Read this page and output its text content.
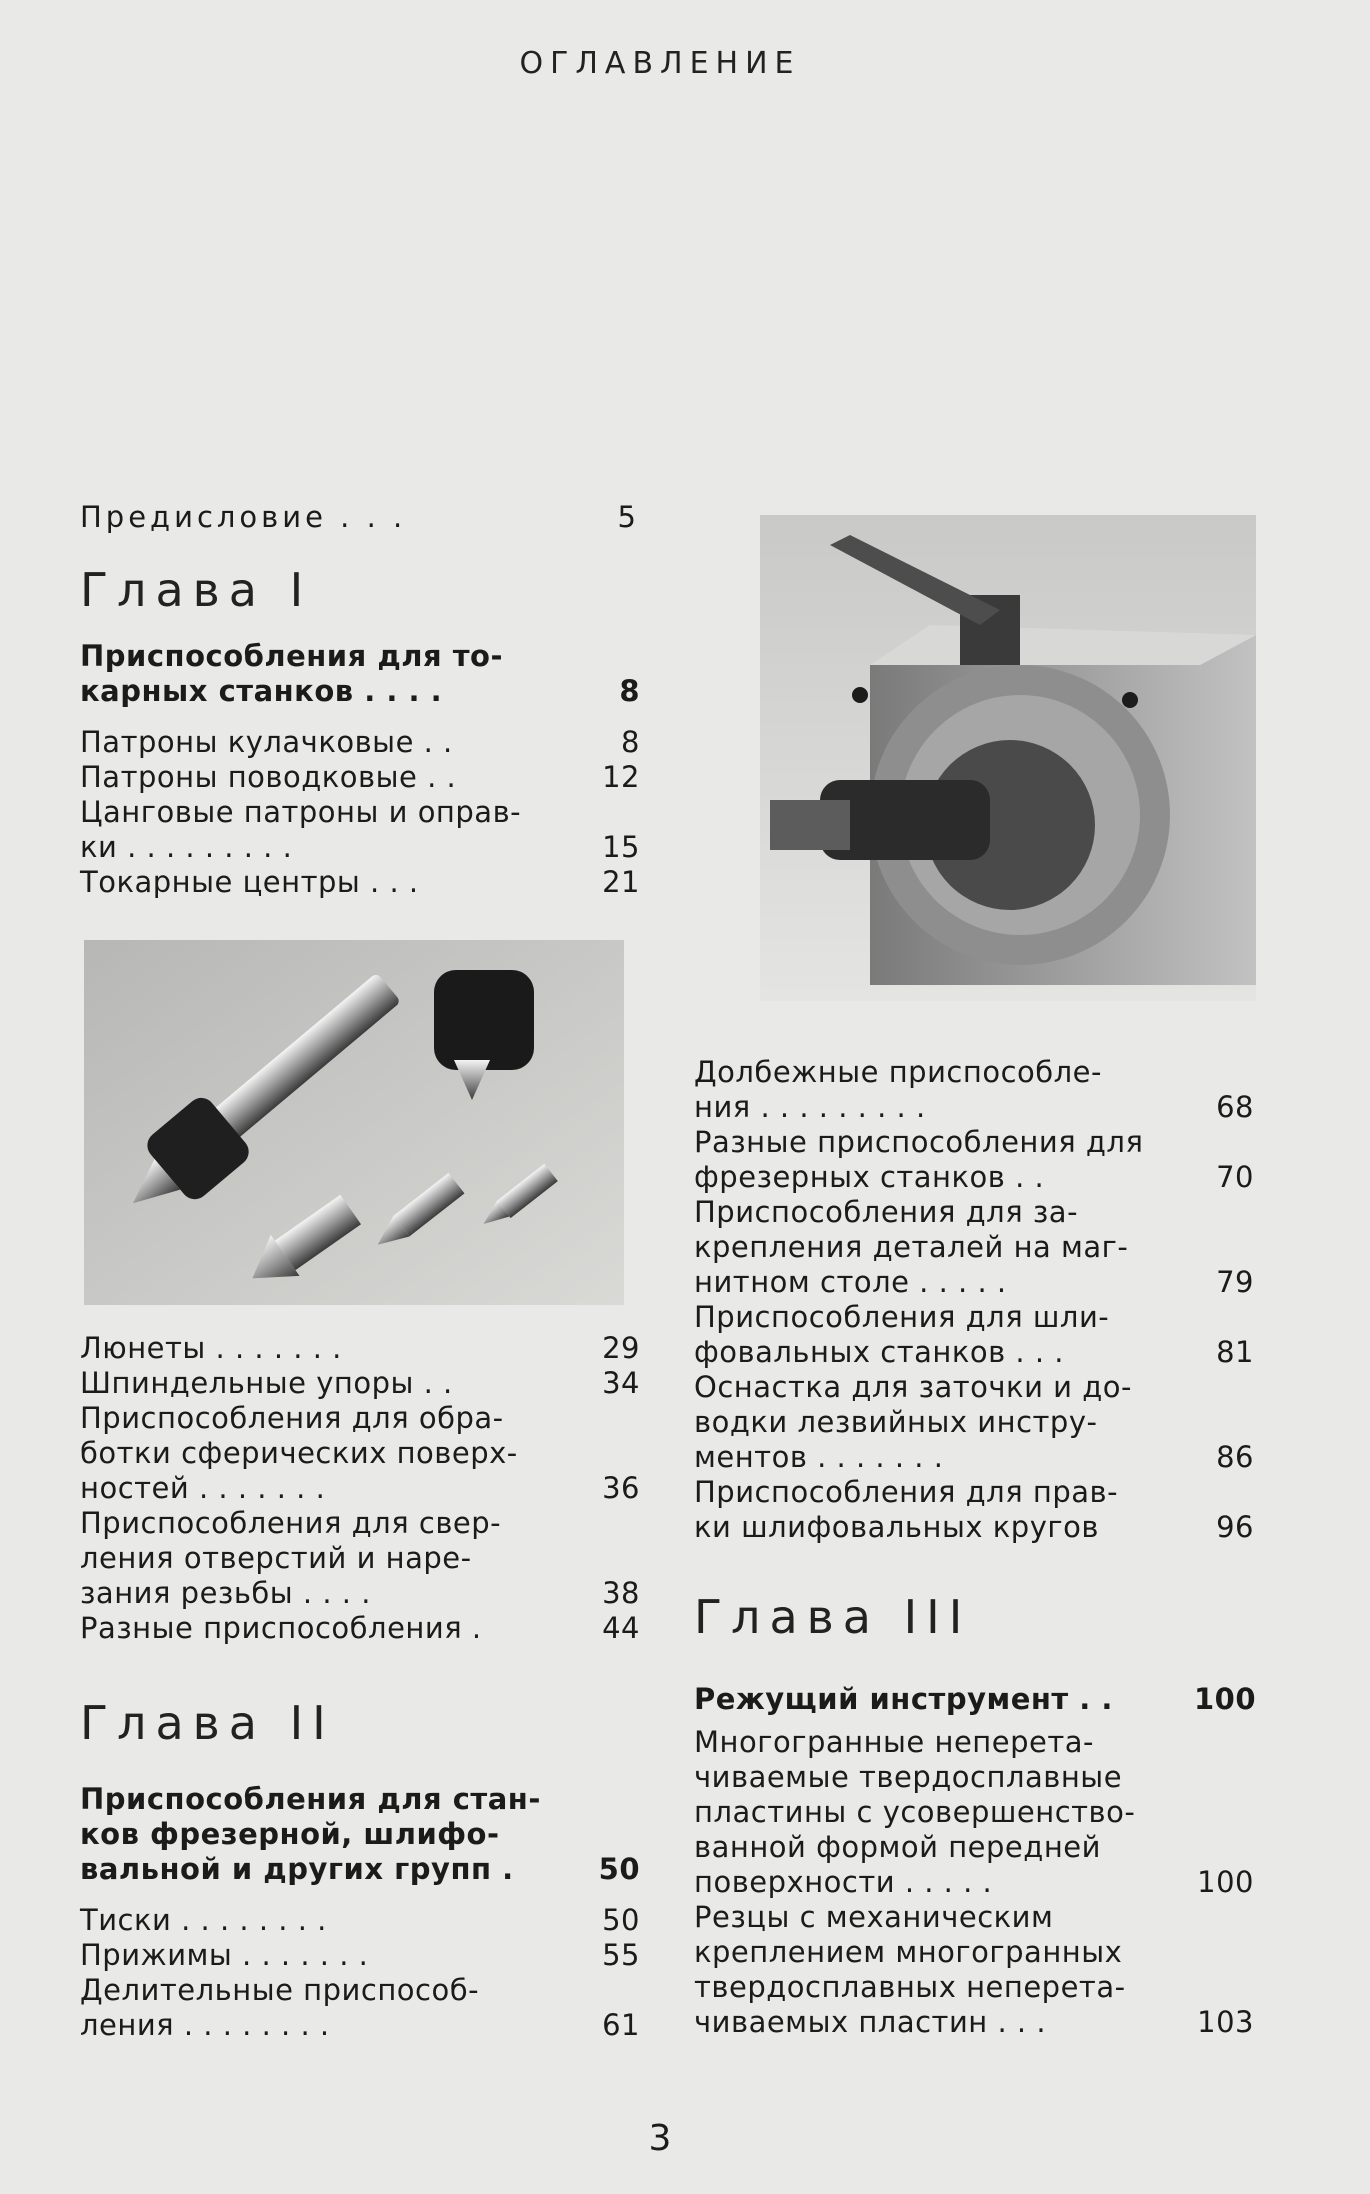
ОГЛАВЛЕНИЕ
Предисловие . . .	5
Глава I
Приспособления для то-
карных станков . . . .	8
Патроны кулачковые . .	8
Патроны поводковые . .	12
Цанговые патроны и оправ-
ки . . . . . . . . .	15
Токарные центры . . .	21
Люнеты . . . . . . .	29
Шпиндельные упоры . .	34
Приспособления для обра-
ботки сферических поверх-
ностей . . . . . . .	36
Приспособления для свер-
ления отверстий и наре-
зания резьбы . . . .	38
Разные приспособления .	44
Глава II
Приспособления для стан-
ков фрезерной, шлифо-
вальной и других групп .	50
Тиски . . . . . . . .	50
Прижимы . . . . . . .	55
Делительные приспособ-
ления . . . . . . . .	61
Долбежные приспособле-
ния . . . . . . . . .	68
Разные приспособления для
фрезерных станков . .	70
Приспособления для за-
крепления деталей на маг-
нитном столе . . . . .	79
Приспособления для шли-
фовальных станков . . .	81
Оснастка для заточки и до-
водки лезвийных инстру-
ментов . . . . . . .	86
Приспособления для прав-
ки шлифовальных кругов	96
Глава III
Режущий инструмент . .	100
Многогранные неперета-
чиваемые твердосплавные
пластины с усовершенство-
ванной формой передней
поверхности . . . . .	100
Резцы с механическим
креплением многогранных
твердосплавных неперета-
чиваемых пластин . . .	103
3
